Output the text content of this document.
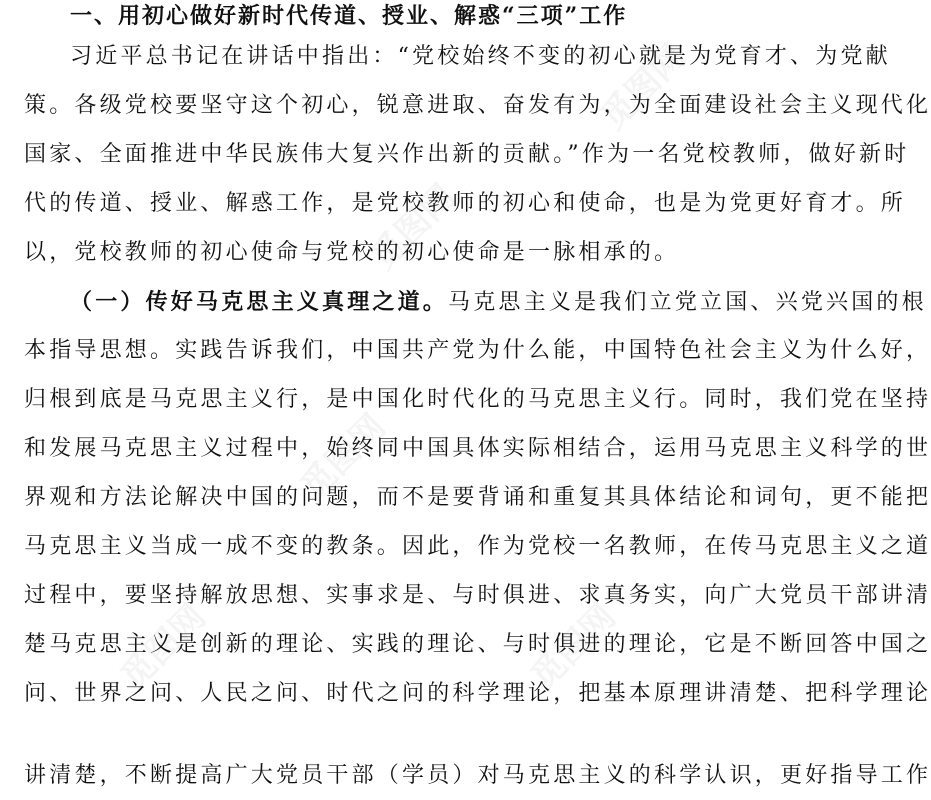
觅图网
觅图网
觅图网
觅图网
觅图网
一、用初心做好新时代传道、授业、解惑“三项”工作
习近平总书记在讲话中指出：“党校始终不变的初心就是为党育才、为党献
策。各级党校要坚守这个初心，锐意进取、奋发有为，为全面建设社会主义现代化
国家、全面推进中华民族伟大复兴作出新的贡献。”作为一名党校教师，做好新时
代的传道、授业、解惑工作，是党校教师的初心和使命，也是为党更好育才。所
以，党校教师的初心使命与党校的初心使命是一脉相承的。
（一）传好马克思主义真理之道。马克思主义是我们立党立国、兴党兴国的根
本指导思想。实践告诉我们，中国共产党为什么能，中国特色社会主义为什么好，
归根到底是马克思主义行，是中国化时代化的马克思主义行。同时，我们党在坚持
和发展马克思主义过程中，始终同中国具体实际相结合，运用马克思主义科学的世
界观和方法论解决中国的问题，而不是要背诵和重复其具体结论和词句，更不能把
马克思主义当成一成不变的教条。因此，作为党校一名教师，在传马克思主义之道
过程中，要坚持解放思想、实事求是、与时俱进、求真务实，向广大党员干部讲清
楚马克思主义是创新的理论、实践的理论、与时俱进的理论，它是不断回答中国之
问、世界之问、人民之问、时代之问的科学理论，把基本原理讲清楚、把科学理论
讲清楚，不断提高广大党员干部（学员）对马克思主义的科学认识，更好指导工作
